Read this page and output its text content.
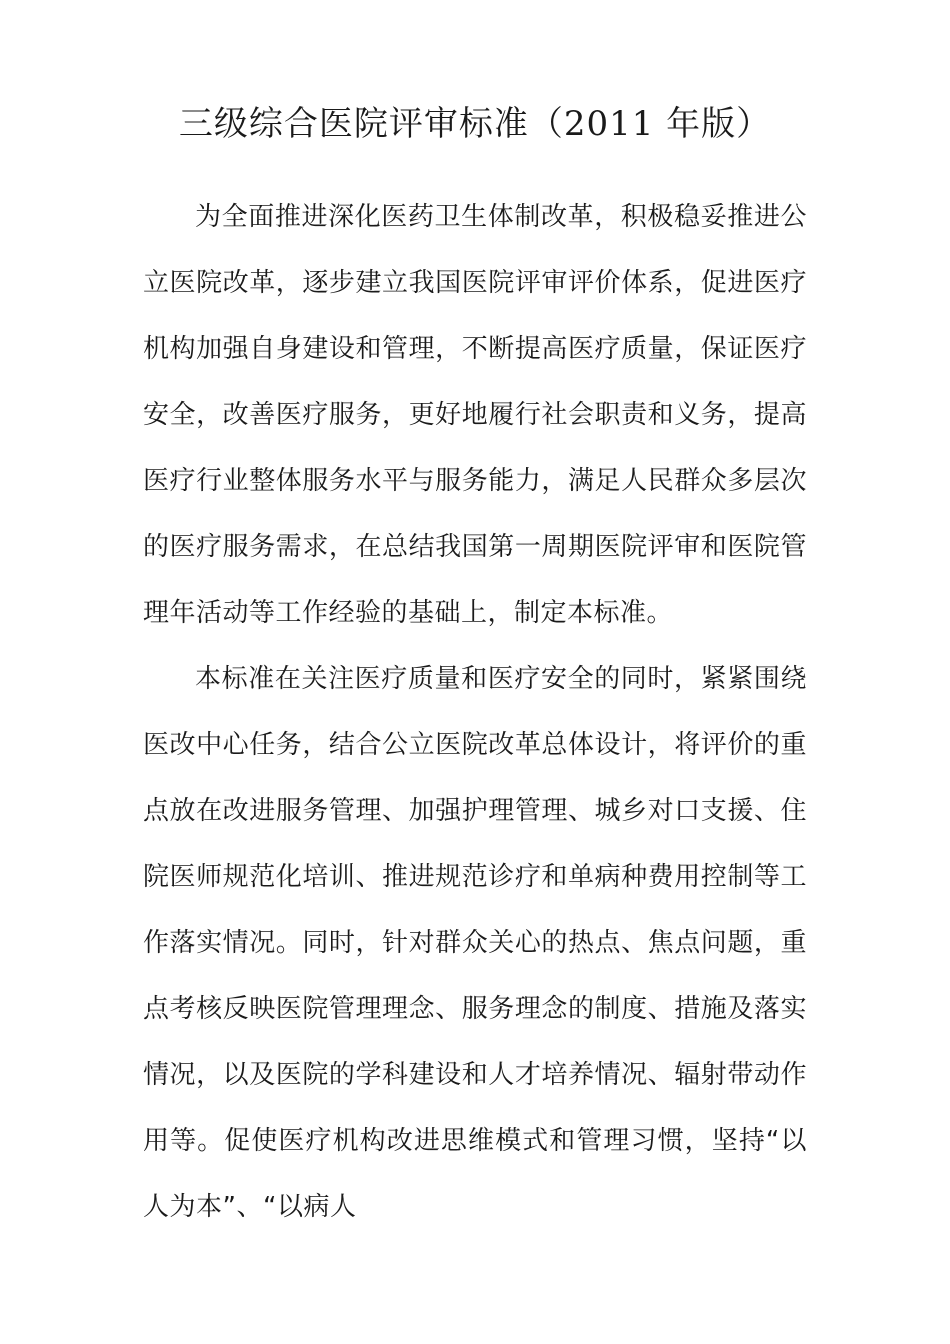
三级综合医院评审标准（2011 年版）

为全面推进深化医药卫生体制改革，积极稳妥推进公立医院改革，逐步建立我国医院评审评价体系，促进医疗机构加强自身建设和管理，不断提高医疗质量，保证医疗安全，改善医疗服务，更好地履行社会职责和义务，提高医疗行业整体服务水平与服务能力，满足人民群众多层次的医疗服务需求，在总结我国第一周期医院评审和医院管理年活动等工作经验的基础上，制定本标准。

本标准在关注医疗质量和医疗安全的同时，紧紧围绕医改中心任务，结合公立医院改革总体设计，将评价的重点放在改进服务管理、加强护理管理、城乡对口支援、住院医师规范化培训、推进规范诊疗和单病种费用控制等工作落实情况。同时，针对群众关心的热点、焦点问题，重点考核反映医院管理理念、服务理念的制度、措施及落实情况，以及医院的学科建设和人才培养情况、辐射带动作用等。促使医疗机构改进思维模式和管理习惯，坚持“以人为本”、“以病人
